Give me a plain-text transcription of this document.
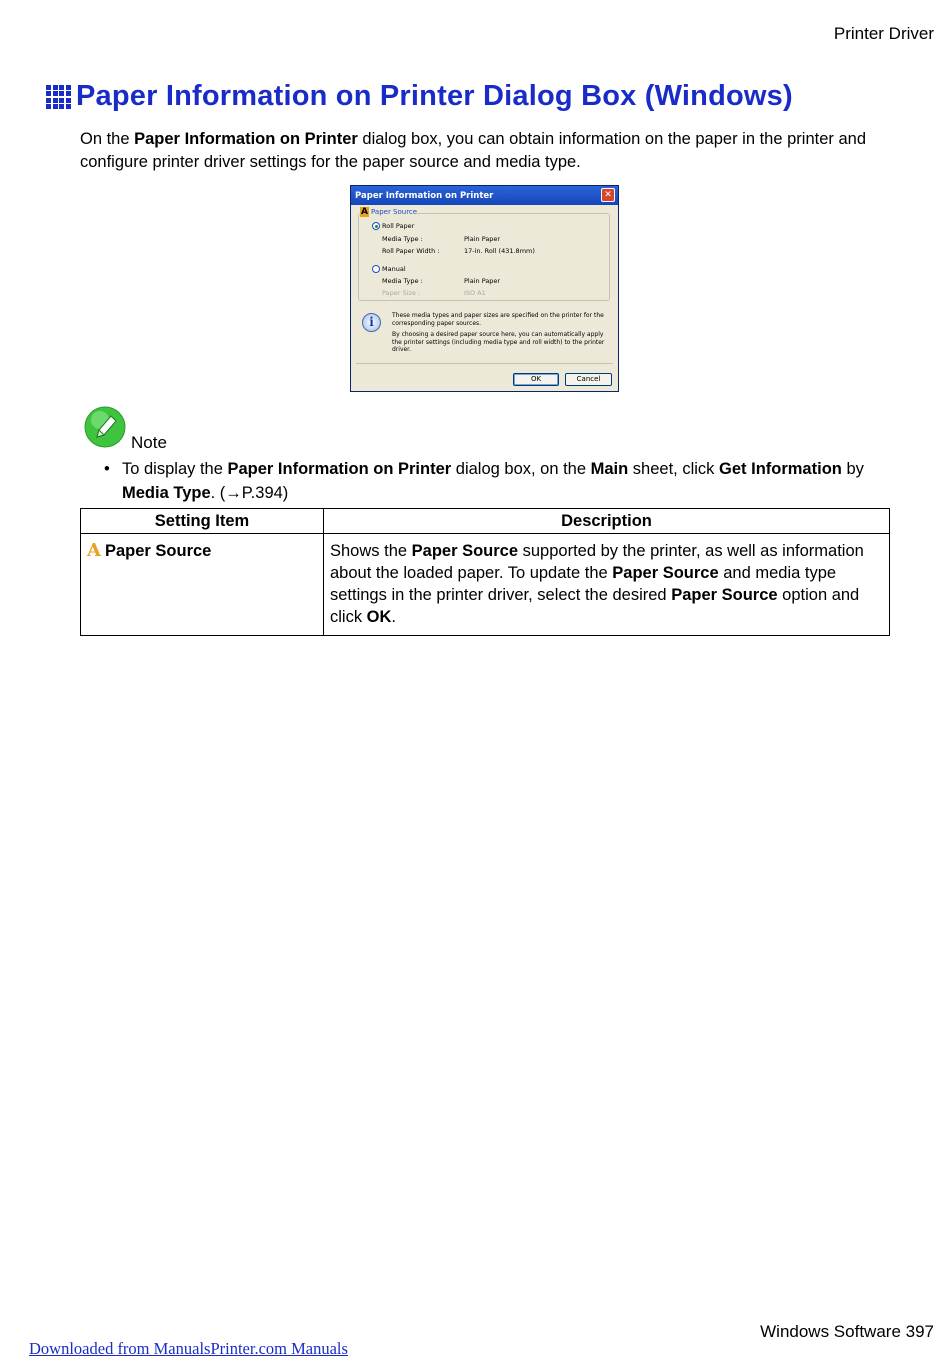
Printer Driver
Paper Information on Printer Dialog Box (Windows)

On the Paper Information on Printer dialog box, you can obtain information on the paper in the printer and configure printer driver settings for the paper source and media type.

Paper Information on Printer	✕
A Paper Source
Roll Paper
Media Type :	Plain Paper
Roll Paper Width :	17-in. Roll (431.8mm)
Manual
Media Type :	Plain Paper
Paper Size :	ISO A1
i	These media types and paper sizes are specified on the printer for the corresponding paper sources.
By choosing a desired paper source here, you can automatically apply the printer settings (including media type and roll width) to the printer driver.
OK	Cancel
Note
• To display the Paper Information on Printer dialog box, on the Main sheet, click Get Information by Media Type. (→P.394)
Setting Item	Description
A Paper Source	Shows the Paper Source supported by the printer, as well as information about the loaded paper. To update the Paper Source and media type settings in the printer driver, select the desired Paper Source option and click OK.
Windows Software 397
Downloaded from ManualsPrinter.com Manuals
